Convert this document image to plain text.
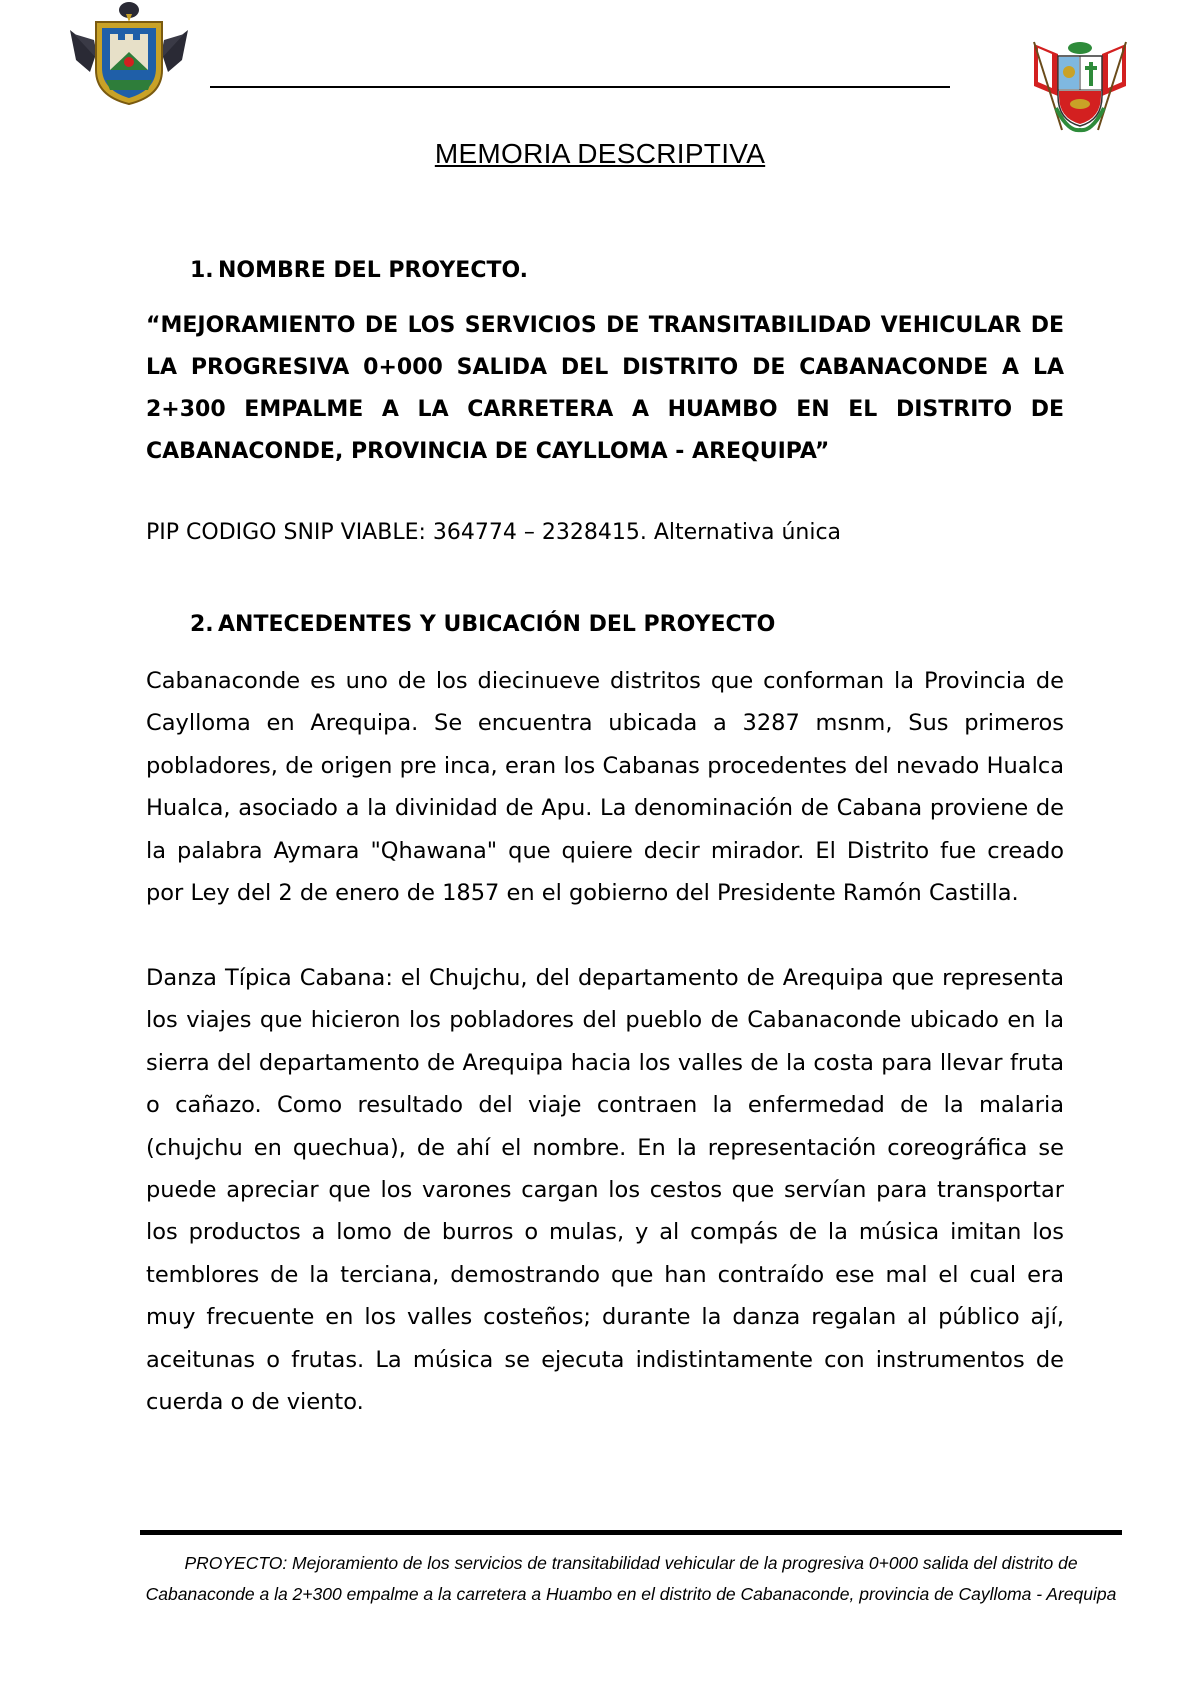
MEMORIA DESCRIPTIVA
1. NOMBRE DEL PROYECTO.

“MEJORAMIENTO DE LOS SERVICIOS DE TRANSITABILIDAD VEHICULAR DE LA PROGRESIVA 0+000 SALIDA DEL DISTRITO DE CABANACONDE A LA 2+300 EMPALME A LA CARRETERA A HUAMBO EN EL DISTRITO DE CABANACONDE, PROVINCIA DE CAYLLOMA - AREQUIPA”

PIP CODIGO SNIP VIABLE: 364774 – 2328415. Alternativa única

2. ANTECEDENTES Y UBICACIÓN DEL PROYECTO

Cabanaconde es uno de los diecinueve distritos que conforman la Provincia de Caylloma en Arequipa. Se encuentra ubicada a 3287 msnm, Sus primeros pobladores, de origen pre inca, eran los Cabanas procedentes del nevado Hualca Hualca, asociado a la divinidad de Apu. La denominación de Cabana proviene de la palabra Aymara "Qhawana" que quiere decir mirador. El Distrito fue creado por Ley del 2 de enero de 1857 en el gobierno del Presidente Ramón Castilla.

Danza Típica Cabana: el Chujchu, del departamento de Arequipa que representa los viajes que hicieron los pobladores del pueblo de Cabanaconde ubicado en la sierra del departamento de Arequipa hacia los valles de la costa para llevar fruta o cañazo. Como resultado del viaje contraen la enfermedad de la malaria (chujchu en quechua), de ahí el nombre. En la representación coreográfica se puede apreciar que los varones cargan los cestos que servían para transportar los productos a lomo de burros o mulas, y al compás de la música imitan los temblores de la terciana, demostrando que han contraído ese mal el cual era muy frecuente en los valles costeños; durante la danza regalan al público ají, aceitunas o frutas. La música se ejecuta indistintamente con instrumentos de cuerda o de viento.

PROYECTO: Mejoramiento de los servicios de transitabilidad vehicular de la progresiva 0+000 salida del distrito de Cabanaconde a la 2+300 empalme a la carretera a Huambo en el distrito de Cabanaconde, provincia de Caylloma - Arequipa
